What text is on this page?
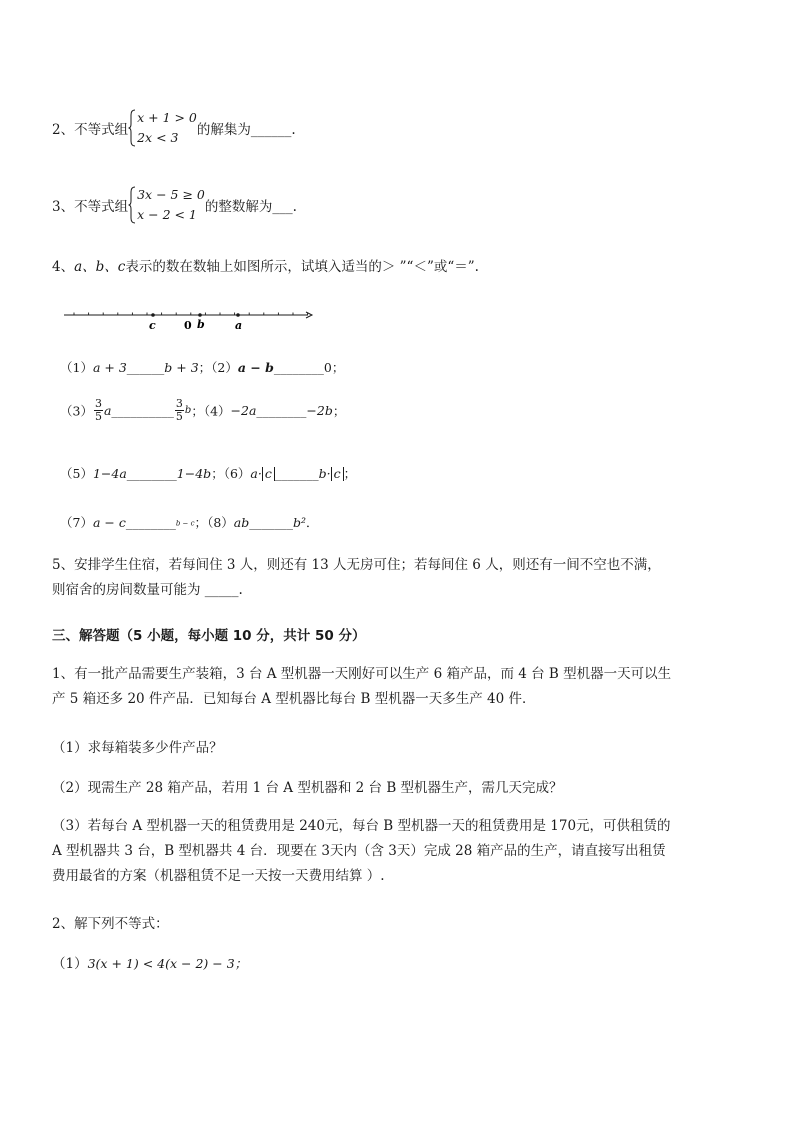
2、不等式组
x + 1 > 0
2x < 3	的解集为______.
3、不等式组
3x − 5 ≥ 0
x − 2 < 1 的整数解为___.
4、a、b、c表示的数在数轴上如图所示，试填入适当的＞ ”“＜”或“＝”.
c	0 b	a
（1）a + 3______b + 3；（2）a − b________0；
$(3) \frac{3}{5}$ a__________ $\frac{3}{5}$ b；（4）−2a________−2b；
（5）1−4a________1−4b；（6）a· c _______b· c ；
（7）a − c________b − c；（8）ab_______b²．
5、安排学生住宿，若每间住 3 人，则还有 13 人无房可住；若每间住 6 人，则还有一间不空也不满，
则宿舍的房间数量可能为 _____.
三、解答题（5 小题，每小题 10 分，共计 50 分）
1、有一批产品需要生产装箱，3 台 A 型机器一天刚好可以生产 6 箱产品，而 4 台 B 型机器一天可以生
产 5 箱还多 20 件产品．已知每台 A 型机器比每台 B 型机器一天多生产 40 件．
（1）求每箱装多少件产品？
（2）现需生产 28 箱产品，若用 1 台 A 型机器和 2 台 B 型机器生产，需几天完成？
（3）若每台 A 型机器一天的租赁费用是 240元，每台 B 型机器一天的租赁费用是 170元，可供租赁的
A 型机器共 3 台，B 型机器共 4 台．现要在 3天内（含 3天）完成 28 箱产品的生产，请直接写出租赁
费用最省的方案（机器租赁不足一天按一天费用结算 ）.
2、解下列不等式：
（1）3(x + 1) < 4(x − 2) − 3；
